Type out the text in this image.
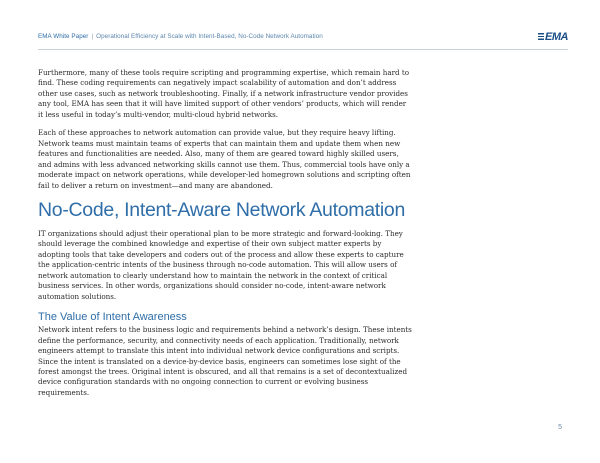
EMA White Paper | Operational Efficiency at Scale with Intent-Based, No-Code Network Automation	EMA

Furthermore, many of these tools require scripting and programming expertise, which remain hard to find. These coding requirements can negatively impact scalability of automation and don’t address other use cases, such as network troubleshooting. Finally, if a network infrastructure vendor provides any tool, EMA has seen that it will have limited support of other vendors’ products, which will render it less useful in today’s multi-vendor, multi-cloud hybrid networks.

Each of these approaches to network automation can provide value, but they require heavy lifting. Network teams must maintain teams of experts that can maintain them and update them when new features and functionalities are needed. Also, many of them are geared toward highly skilled users, and admins with less advanced networking skills cannot use them. Thus, commercial tools have only a moderate impact on network operations, while developer-led homegrown solutions and scripting often fail to deliver a return on investment—and many are abandoned.

No-Code, Intent-Aware Network Automation

IT organizations should adjust their operational plan to be more strategic and forward-looking. They should leverage the combined knowledge and expertise of their own subject matter experts by adopting tools that take developers and coders out of the process and allow these experts to capture the application-centric intents of the business through no-code automation. This will allow users of network automation to clearly understand how to maintain the network in the context of critical business services. In other words, organizations should consider no-code, intent-aware network automation solutions.

The Value of Intent Awareness

Network intent refers to the business logic and requirements behind a network’s design. These intents define the performance, security, and connectivity needs of each application. Traditionally, network engineers attempt to translate this intent into individual network device configurations and scripts. Since the intent is translated on a device-by-device basis, engineers can sometimes lose sight of the forest amongst the trees. Original intent is obscured, and all that remains is a set of decontextualized device configuration standards with no ongoing connection to current or evolving business requirements.

5
